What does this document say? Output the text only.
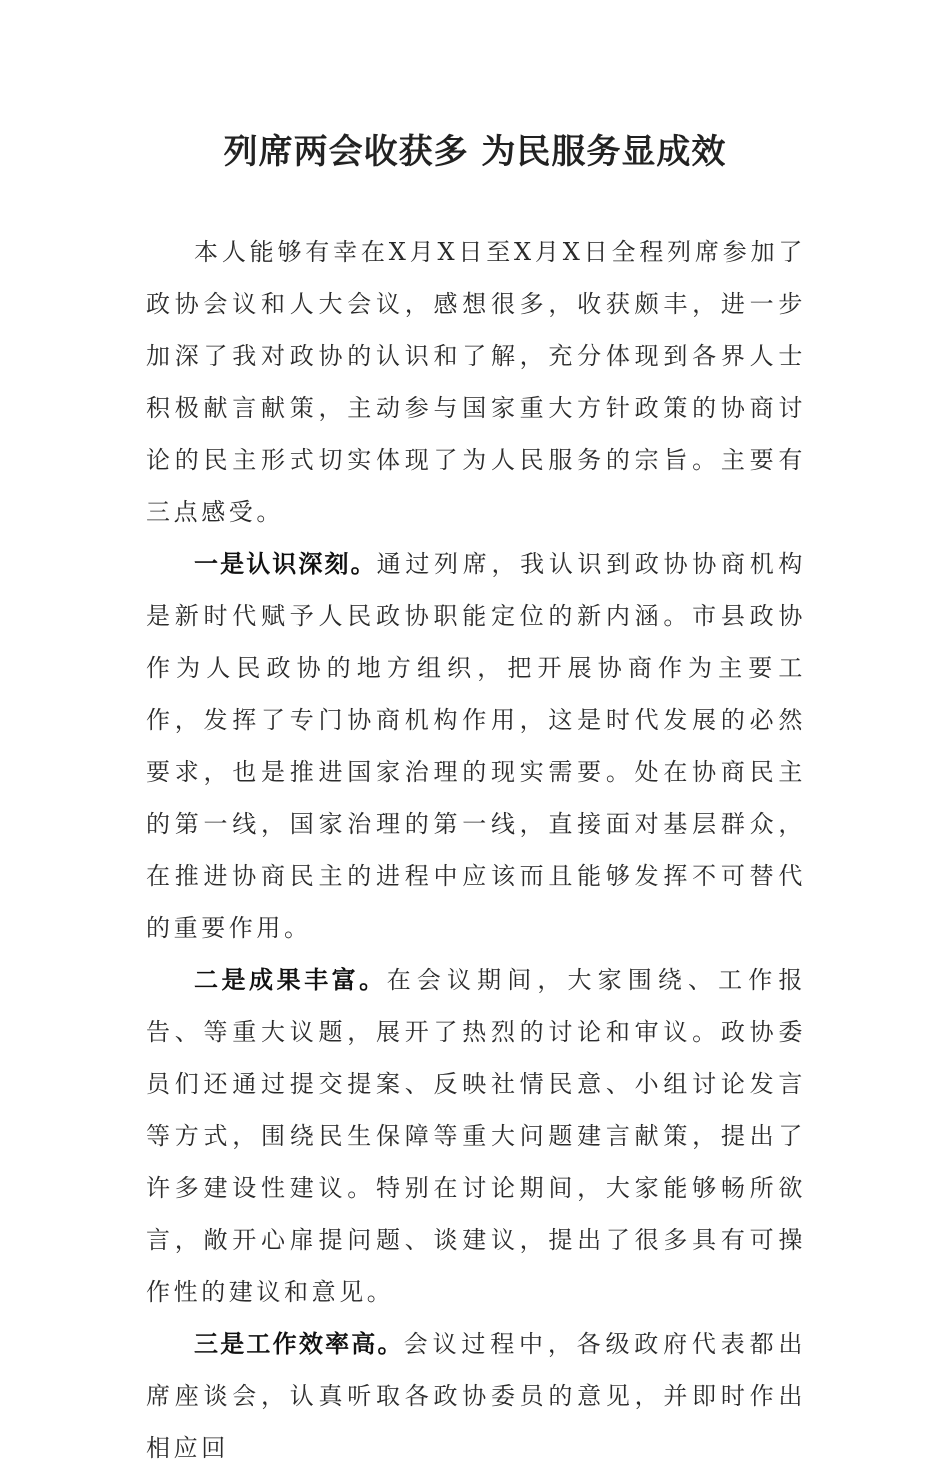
列席两会收获多 为民服务显成效

本人能够有幸在X月X日至X月X日全程列席参加了政协会议和人大会议，感想很多，收获颇丰，进一步加深了我对政协的认识和了解，充分体现到各界人士积极献言献策，主动参与国家重大方针政策的协商讨论的民主形式切实体现了为人民服务的宗旨。主要有三点感受。

一是认识深刻。通过列席，我认识到政协协商机构是新时代赋予人民政协职能定位的新内涵。市县政协作为人民政协的地方组织，把开展协商作为主要工作，发挥了专门协商机构作用，这是时代发展的必然要求，也是推进国家治理的现实需要。处在协商民主的第一线，国家治理的第一线，直接面对基层群众，在推进协商民主的进程中应该而且能够发挥不可替代的重要作用。

二是成果丰富。在会议期间，大家围绕、工作报告、等重大议题，展开了热烈的讨论和审议。政协委员们还通过提交提案、反映社情民意、小组讨论发言等方式，围绕民生保障等重大问题建言献策，提出了许多建设性建议。特别在讨论期间，大家能够畅所欲言，敞开心扉提问题、谈建议，提出了很多具有可操作性的建议和意见。

三是工作效率高。会议过程中，各级政府代表都出席座谈会，认真听取各政协委员的意见，并即时作出相应回
